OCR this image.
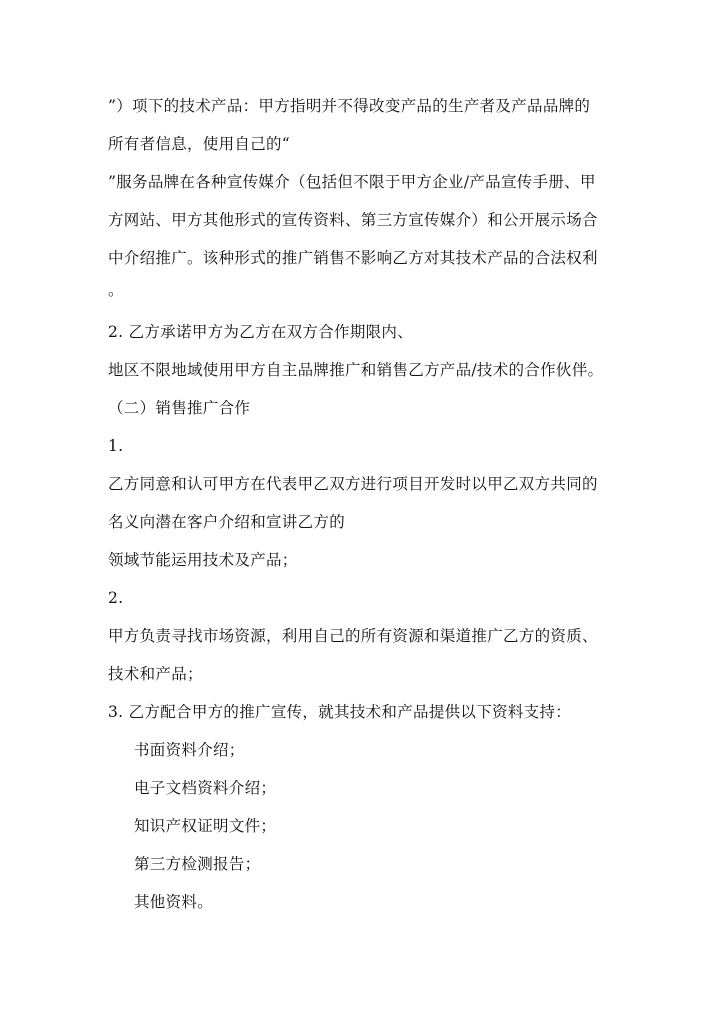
”）项下的技术产品：甲方指明并不得改变产品的生产者及产品品牌的
所有者信息，使用自己的“
”服务品牌在各种宣传媒介（包括但不限于甲方企业/产品宣传手册、甲
方网站、甲方其他形式的宣传资料、第三方宣传媒介）和公开展示场合
中介绍推广。该种形式的推广销售不影响乙方对其技术产品的合法权利
。
2. 乙方承诺甲方为乙方在双方合作期限内、
地区不限地域使用甲方自主品牌推广和销售乙方产品/技术的合作伙伴。
（二）销售推广合作
1.
乙方同意和认可甲方在代表甲乙双方进行项目开发时以甲乙双方共同的
名义向潜在客户介绍和宣讲乙方的
领域节能运用技术及产品；
2.
甲方负责寻找市场资源，利用自己的所有资源和渠道推广乙方的资质、
技术和产品；
3. 乙方配合甲方的推广宣传，就其技术和产品提供以下资料支持：
书面资料介绍；
电子文档资料介绍；
知识产权证明文件；
第三方检测报告；
其他资料。
